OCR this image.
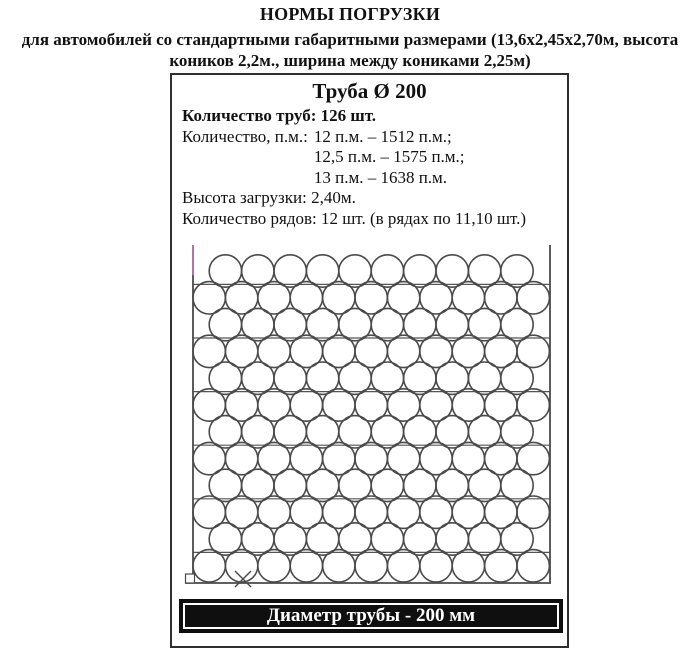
НОРМЫ ПОГРУЗКИ
для автомобилей со стандартными габаритными размерами (13,6х2,45х2,70м, высота
коников 2,2м., ширина между кониками 2,25м)
Труба Ø 200
Количество труб: 126 шт.
Количество, п.м.: 12 п.м. – 1512 п.м.;
12,5 п.м. – 1575 п.м.;
13 п.м. – 1638 п.м.
Высота загрузки: 2,40м.
Количество рядов: 12 шт. (в рядах по 11,10 шт.)
Диаметр трубы - 200 мм
